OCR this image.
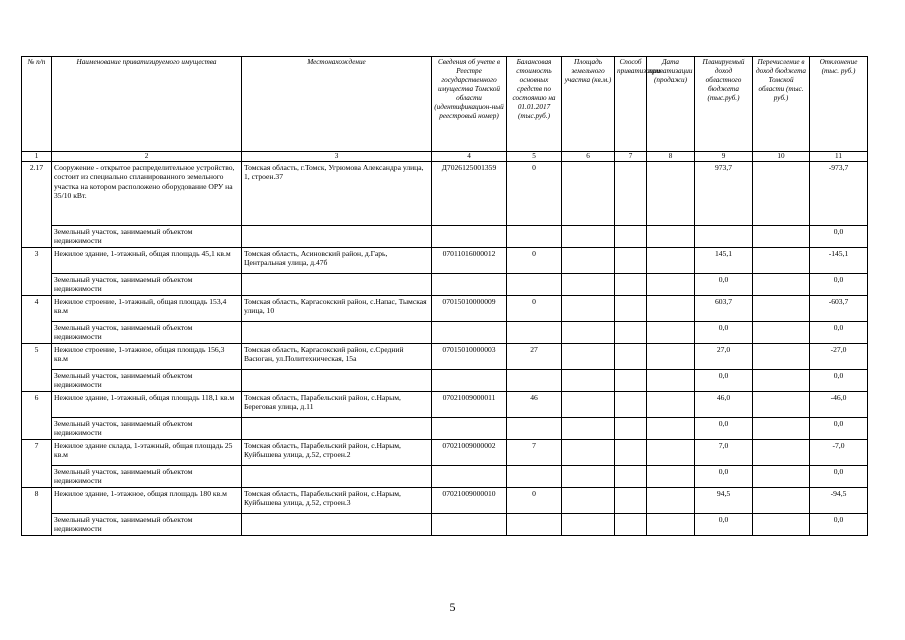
№ п/п	Наименование приватизируемого имущества	Местонахождение	Сведения об учете в Реестре государственного имущества Томской области (идентификацион-ный реестровый номер)	Балансовая стоимость основных средств по состоянию на 01.01.2017 (тыс.руб.)	Площадь земельного участка (кв.м.)	Способ приватизации	Дата приватизации (продажи)	Планируемый доход областного бюджета (тыс.руб.)	Перечисление в доход бюджета Томской области (тыс. руб.)	Отклонение (тыс. руб.)
1	2	3	4	5	6	7	8	9	10	11
2.17	Сооружение - открытое распределительное устройство, состоит из специально спланированного земельного участка на котором расположено оборудование ОРУ на 35/10 кВт.	Томская область, г.Томск, Угрюмова Александра улица, 1, строен.37	Д70261250013​59	0				973,7		-973,7
	Земельный участок, занимаемый объектом недвижимости									0,0
3	Нежилое здание, 1-этажный, общая площадь 45,1 кв.м	Томская область, Асиновский район, д.Гарь, Центральная улица, д.47б	07011016000012	0				145,1		-145,1
	Земельный участок, занимаемый объектом недвижимости							0,0		0,0
4	Нежилое строение, 1-этажный, общая площадь 153,4 кв.м	Томская область, Каргасокский район, с.Напас, Тымская улица, 10	07015010000009	0				603,7		-603,7
	Земельный участок, занимаемый объектом недвижимости							0,0		0,0
5	Нежилое строение, 1-этажное, общая площадь 156,3 кв.м	Томская область, Каргасокский район, с.Средний Васюган, ул.Политехническая, 15а	07015010000003	27				27,0		-27,0
	Земельный участок, занимаемый объектом недвижимости							0,0		0,0
6	Нежилое здание, 1-этажный, общая площадь 118,1 кв.м	Томская область, Парабельский район, с.Нарым, Береговая улица, д.11	07021009000011	46				46,0		-46,0
	Земельный участок, занимаемый объектом недвижимости							0,0		0,0
7	Нежилое здание склада, 1-этажный, общая площадь 25 кв.м	Томская область, Парабельский район, с.Нарым, Куйбышева улица, д.52, строен.2	07021009000002	7				7,0		-7,0
	Земельный участок, занимаемый объектом недвижимости							0,0		0,0
8	Нежилое здание, 1-этажное, общая площадь 180 кв.м	Томская область, Парабельский район, с.Нарым, Куйбышева улица, д.52, строен.3	07021009000010	0				94,5		-94,5
	Земельный участок, занимаемый объектом недвижимости							0,0		0,0
5
